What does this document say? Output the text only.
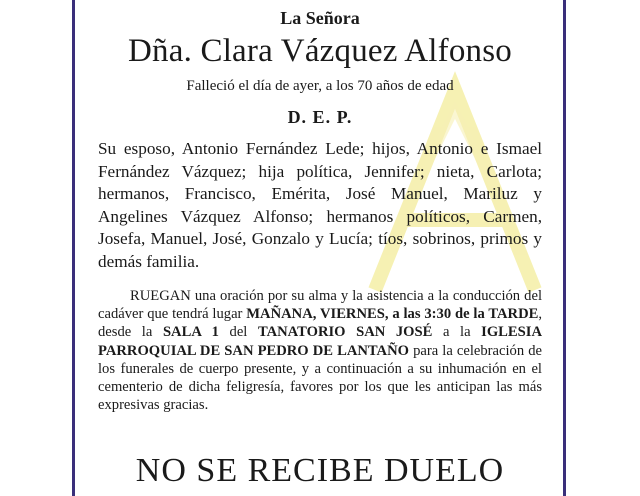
La Señora
Dña. Clara Vázquez Alfonso
Falleció el día de ayer, a los 70 años de edad
D. E. P.
Su esposo, Antonio Fernández Lede; hijos, Antonio e Ismael Fernández Vázquez; hija política, Jennifer; nieta, Carlota; hermanos, Francisco, Emérita, José Manuel, Mariluz y Angelines Vázquez Alfonso; hermanos políticos, Carmen, Josefa, Manuel, José, Gonzalo y Lucía; tíos, sobrinos, primos y demás familia.
RUEGAN una oración por su alma y la asistencia a la conducción del cadáver que tendrá lugar MAÑANA, VIERNES, a las 3:30 de la TARDE, desde la SALA 1 del TANATORIO SAN JOSÉ a la IGLESIA PARROQUIAL DE SAN PEDRO DE LANTAÑO para la celebración de los funerales de cuerpo presente, y a continuación a su inhumación en el cementerio de dicha feligresía, favores por los que les anticipan las más expresivas gracias.
NO SE RECIBE DUELO
